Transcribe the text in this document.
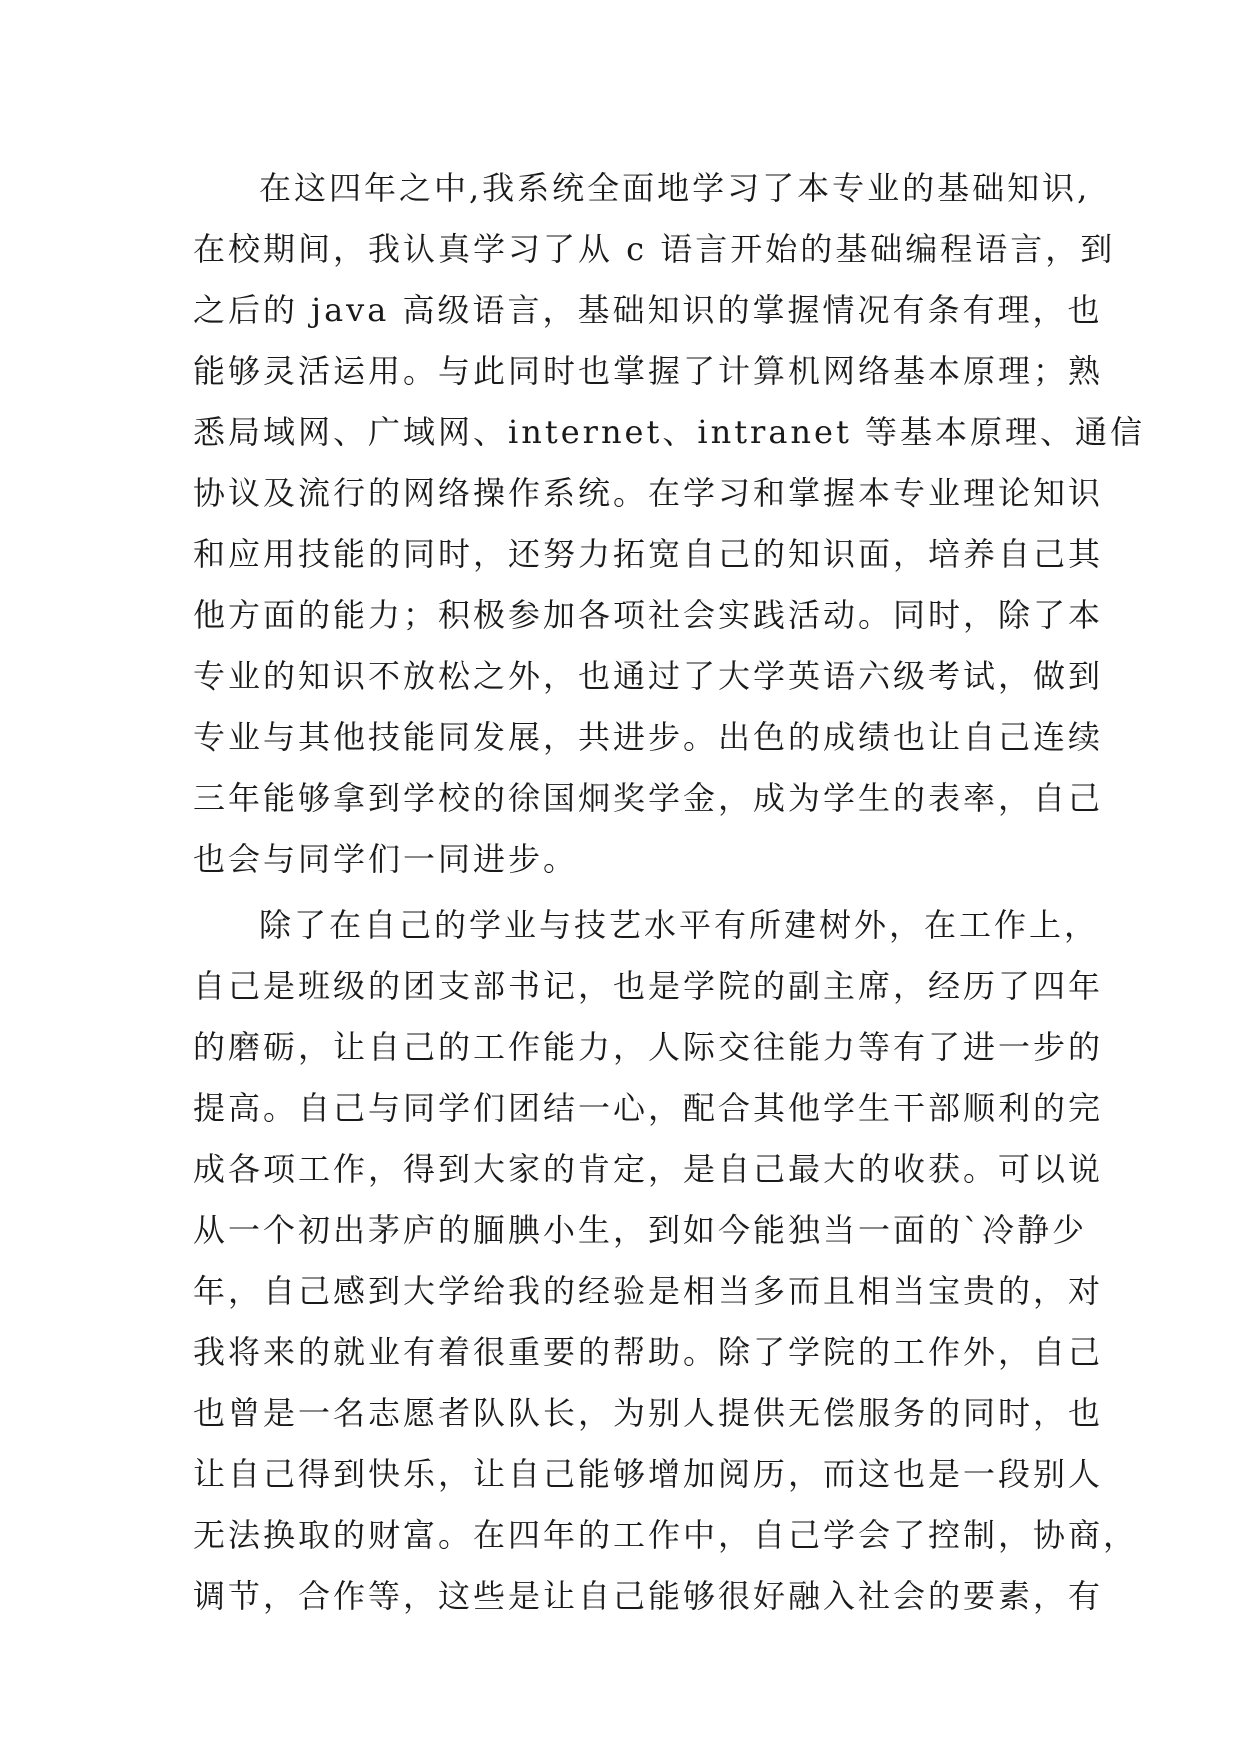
在这四年之中,我系统全面地学习了本专业的基础知识,
在校期间，我认真学习了从 c 语言开始的基础编程语言，到
之后的 java 高级语言，基础知识的掌握情况有条有理，也
能够灵活运用。与此同时也掌握了计算机网络基本原理；熟
悉局域网、广域网、internet、intranet 等基本原理、通信
协议及流行的网络操作系统。在学习和掌握本专业理论知识
和应用技能的同时，还努力拓宽自己的知识面，培养自己其
他方面的能力；积极参加各项社会实践活动。同时，除了本
专业的知识不放松之外，也通过了大学英语六级考试，做到
专业与其他技能同发展，共进步。出色的成绩也让自己连续
三年能够拿到学校的徐国炯奖学金，成为学生的表率，自己
也会与同学们一同进步。
除了在自己的学业与技艺水平有所建树外，在工作上，
自己是班级的团支部书记，也是学院的副主席，经历了四年
的磨砺，让自己的工作能力，人际交往能力等有了进一步的
提高。自己与同学们团结一心，配合其他学生干部顺利的完
成各项工作，得到大家的肯定，是自己最大的收获。可以说
从一个初出茅庐的腼腆小生，到如今能独当一面的`冷静少
年，自己感到大学给我的经验是相当多而且相当宝贵的，对
我将来的就业有着很重要的帮助。除了学院的工作外，自己
也曾是一名志愿者队队长，为别人提供无偿服务的同时，也
让自己得到快乐，让自己能够增加阅历，而这也是一段别人
无法换取的财富。在四年的工作中，自己学会了控制，协商，
调节，合作等，这些是让自己能够很好融入社会的要素，有
